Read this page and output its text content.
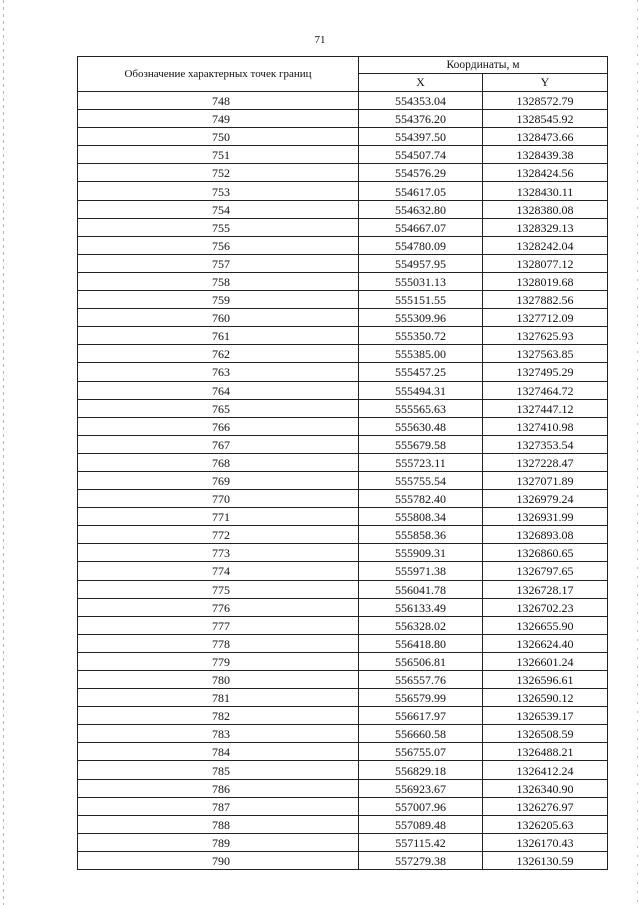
71
Обозначение характерных точек границ	Координаты, м	
	X	Y
748	554353.04	1328572.79
749	554376.20	1328545.92
750	554397.50	1328473.66
751	554507.74	1328439.38
752	554576.29	1328424.56
753	554617.05	1328430.11
754	554632.80	1328380.08
755	554667.07	1328329.13
756	554780.09	1328242.04
757	554957.95	1328077.12
758	555031.13	1328019.68
759	555151.55	1327882.56
760	555309.96	1327712.09
761	555350.72	1327625.93
762	555385.00	1327563.85
763	555457.25	1327495.29
764	555494.31	1327464.72
765	555565.63	1327447.12
766	555630.48	1327410.98
767	555679.58	1327353.54
768	555723.11	1327228.47
769	555755.54	1327071.89
770	555782.40	1326979.24
771	555808.34	1326931.99
772	555858.36	1326893.08
773	555909.31	1326860.65
774	555971.38	1326797.65
775	556041.78	1326728.17
776	556133.49	1326702.23
777	556328.02	1326655.90
778	556418.80	1326624.40
779	556506.81	1326601.24
780	556557.76	1326596.61
781	556579.99	1326590.12
782	556617.97	1326539.17
783	556660.58	1326508.59
784	556755.07	1326488.21
785	556829.18	1326412.24
786	556923.67	1326340.90
787	557007.96	1326276.97
788	557089.48	1326205.63
789	557115.42	1326170.43
790	557279.38	1326130.59
